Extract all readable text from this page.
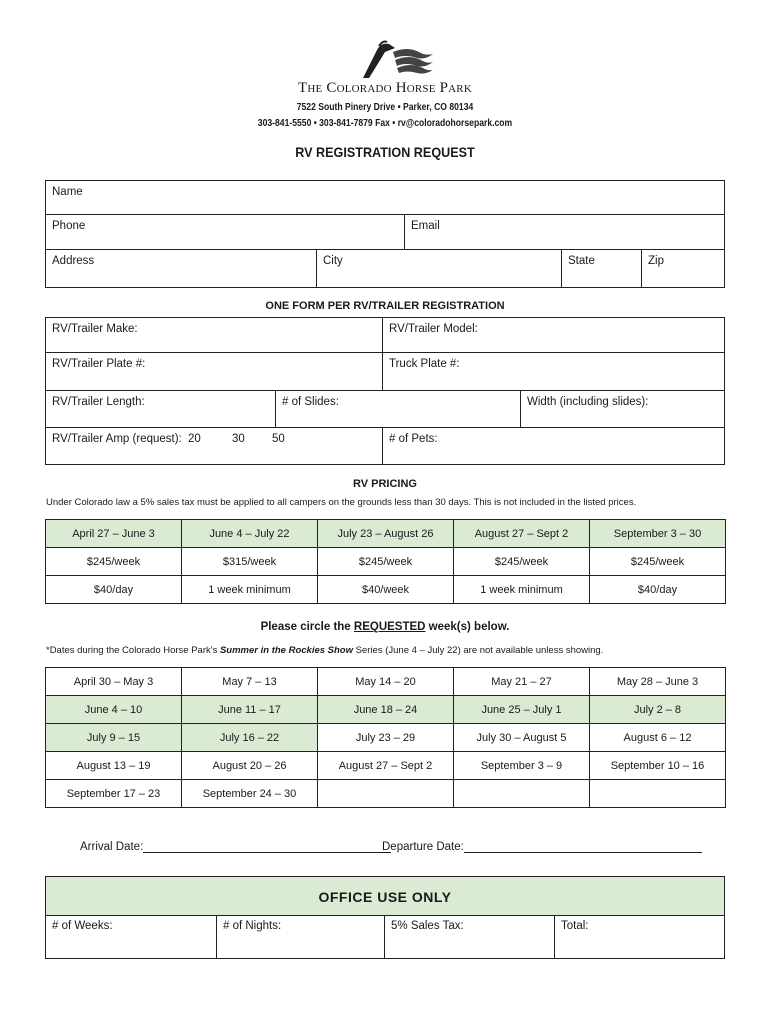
The Colorado Horse Park
7522 South Pinery Drive • Parker, CO 80134
303-841-5550 • 303-841-7879 Fax • rv@coloradohorsepark.com
RV REGISTRATION REQUEST
Name
Phone	Email
Address	City	State	Zip
ONE FORM PER RV/TRAILER REGISTRATION
RV/Trailer Make:	RV/Trailer Model:
RV/Trailer Plate #:	Truck Plate #:
RV/Trailer Length:	# of Slides:	Width (including slides):
RV/Trailer Amp (request): 20	30 50	# of Pets:
RV PRICING
Under Colorado law a 5% sales tax must be applied to all campers on the grounds less than 30 days. This is not included in the listed prices.
April 27 – June 3	June 4 – July 22	July 23 – August 26	August 27 – Sept 2	September 3 – 30
$245/week	$315/week	$245/week	$245/week	$245/week
$40/day	1 week minimum	$40/week	1 week minimum	$40/day
Please circle the REQUESTED week(s) below.
*Dates during the Colorado Horse Park's Summer in the Rockies Show Series (June 4 – July 22) are not available unless showing.
April 30 – May 3	May 7 – 13	May 14 – 20	May 21 – 27	May 28 – June 3
June 4 – 10	June 11 – 17	June 18 – 24	June 25 – July 1	July 2 – 8
July 9 – 15	July 16 – 22	July 23 – 29	July 30 – August 5	August 6 – 12
August 13 – 19	August 20 – 26	August 27 – Sept 2	September 3 – 9	September 10 – 16
September 17 – 23	September 24 – 30			
Arrival Date:	Departure Date:
OFFICE USE ONLY
# of Weeks:	# of Nights:	5% Sales Tax:	Total:
